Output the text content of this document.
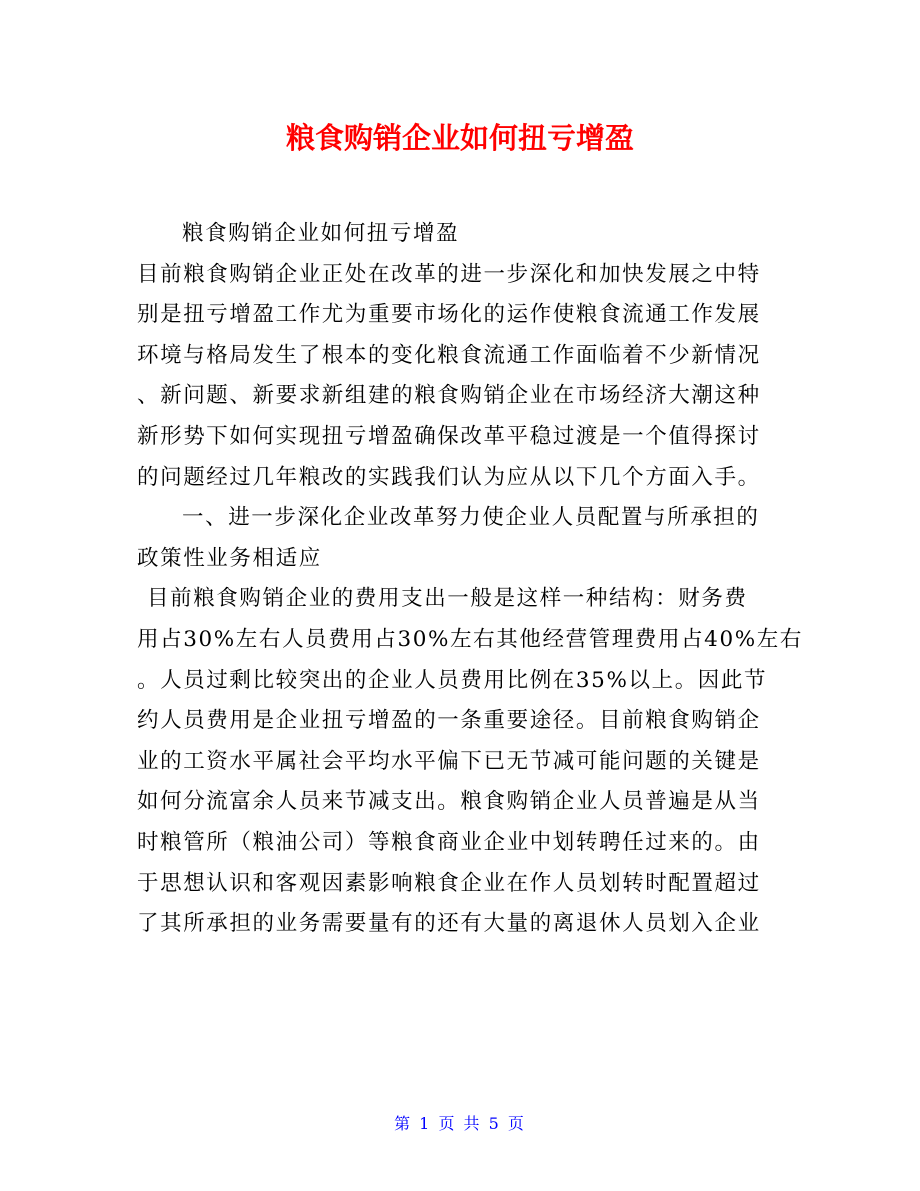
粮食购销企业如何扭亏增盈
粮食购销企业如何扭亏增盈
目前粮食购销企业正处在改革的进一步深化和加快发展之中特
别是扭亏增盈工作尤为重要市场化的运作使粮食流通工作发展
环境与格局发生了根本的变化粮食流通工作面临着不少新情况
、新问题、新要求新组建的粮食购销企业在市场经济大潮这种
新形势下如何实现扭亏增盈确保改革平稳过渡是一个值得探讨
的问题经过几年粮改的实践我们认为应从以下几个方面入手。
一、进一步深化企业改革努力使企业人员配置与所承担的
政策性业务相适应
目前粮食购销企业的费用支出一般是这样一种结构：财务费
用占30%左右人员费用占30%左右其他经营管理费用占40%左右
。人员过剩比较突出的企业人员费用比例在35%以上。因此节
约人员费用是企业扭亏增盈的一条重要途径。目前粮食购销企
业的工资水平属社会平均水平偏下已无节减可能问题的关键是
如何分流富余人员来节减支出。粮食购销企业人员普遍是从当
时粮管所（粮油公司）等粮食商业企业中划转聘任过来的。由
于思想认识和客观因素影响粮食企业在作人员划转时配置超过
了其所承担的业务需要量有的还有大量的离退休人员划入企业
第 1 页 共 5 页
